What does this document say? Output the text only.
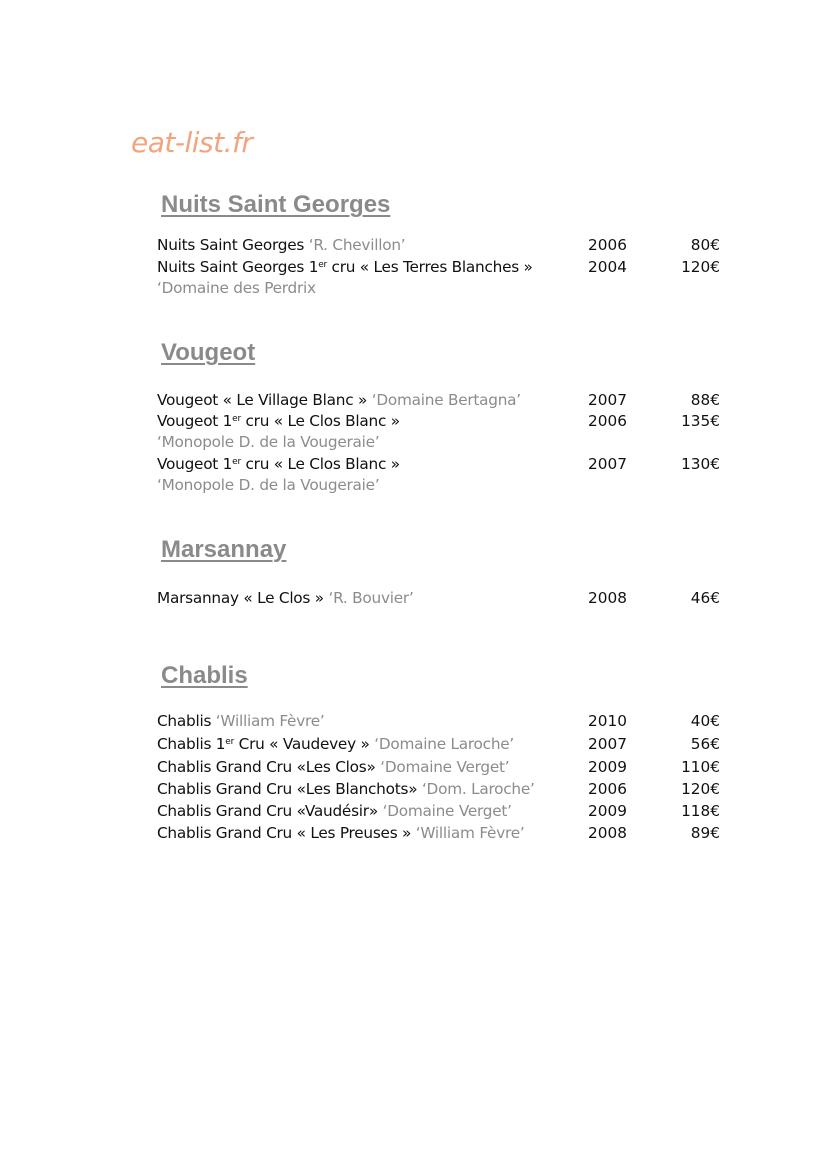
eat-list.fr
Nuits Saint Georges
Nuits Saint Georges ‘R. Chevillon’	2006	80€
Nuits Saint Georges 1er cru « Les Terres Blanches »	2004	120€
‘Domaine des Perdrix
Vougeot
Vougeot « Le Village Blanc » ‘Domaine Bertagna’	2007	88€
Vougeot 1er cru « Le Clos Blanc »	2006	135€
‘Monopole D. de la Vougeraie’
Vougeot 1er cru « Le Clos Blanc »	2007	130€
‘Monopole D. de la Vougeraie’
Marsannay
Marsannay « Le Clos » ‘R. Bouvier’	2008	46€
Chablis
Chablis ‘William Fèvre’	2010	40€
Chablis 1er Cru « Vaudevey » ‘Domaine Laroche’	2007	56€
Chablis Grand Cru «Les Clos» ‘Domaine Verget’	2009	110€
Chablis Grand Cru «Les Blanchots» ‘Dom. Laroche’	2006	120€
Chablis Grand Cru «Vaudésir» ‘Domaine Verget’	2009	118€
Chablis Grand Cru « Les Preuses » ‘William Fèvre’	2008	89€
